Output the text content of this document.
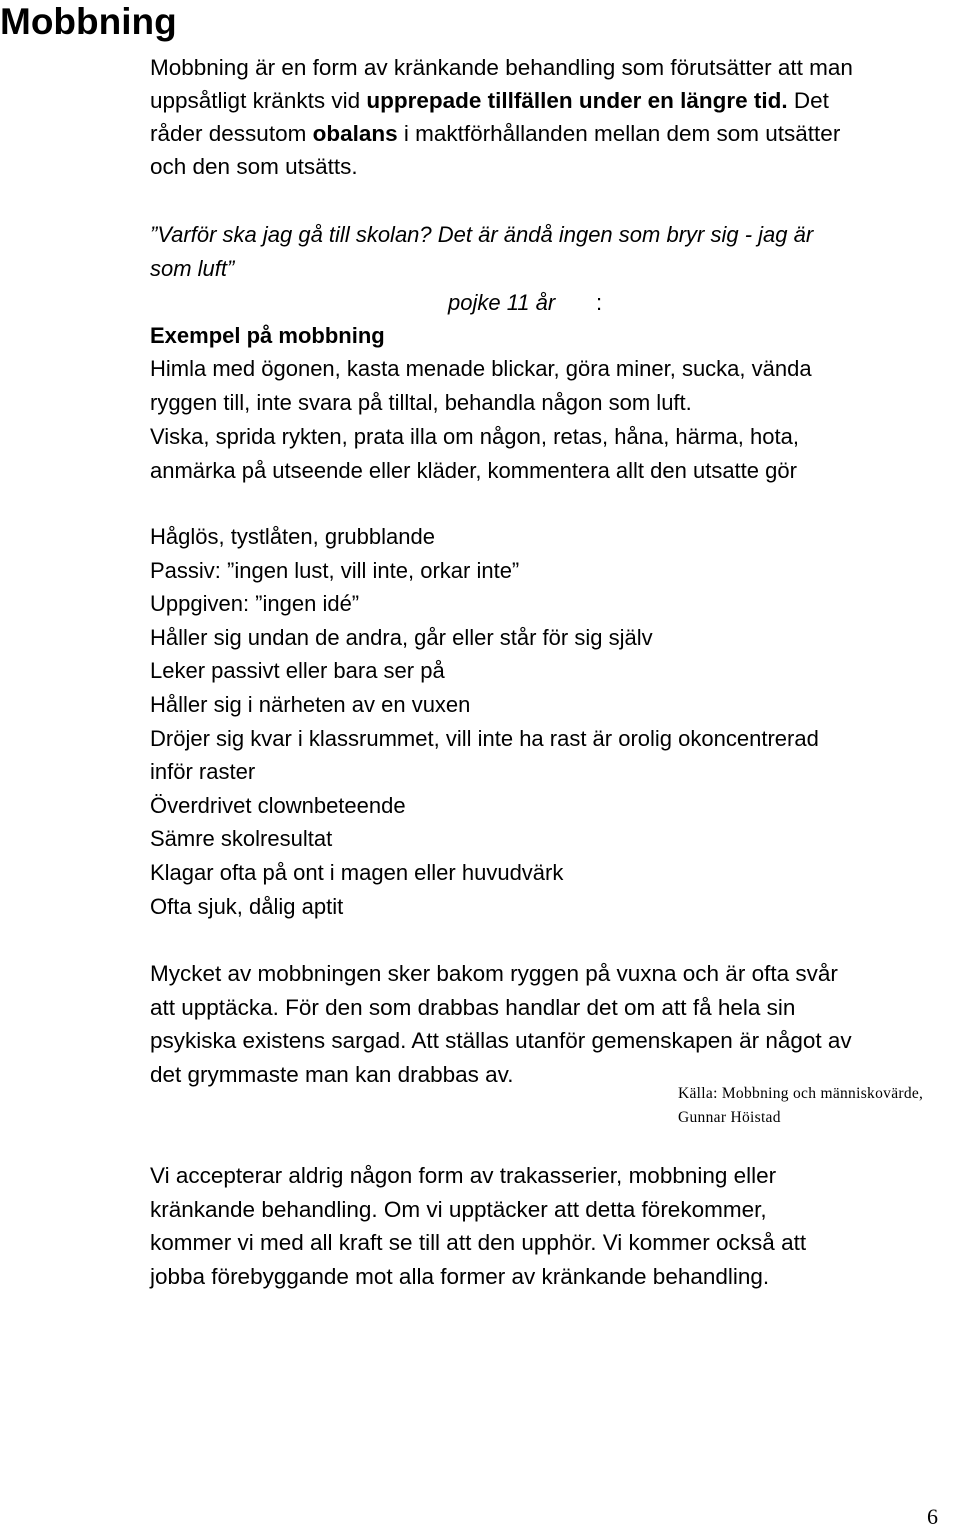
Mobbning
Mobbning är en form av kränkande behandling som förutsätter att man
uppsåtligt kränkts vid upprepade tillfällen under en längre tid. Det
råder dessutom obalans i maktförhållanden mellan dem som utsätter
och den som utsätts.
”Varför ska jag gå till skolan? Det är ändå ingen som bryr sig - jag är
som luft”
pojke 11 år :
Exempel på mobbning
Himla med ögonen, kasta menade blickar, göra miner, sucka, vända
ryggen till, inte svara på tilltal, behandla någon som luft.
Viska, sprida rykten, prata illa om någon, retas, håna, härma, hota,
anmärka på utseende eller kläder, kommentera allt den utsatte gör
Håglös, tystlåten, grubblande
Passiv: ”ingen lust, vill inte, orkar inte”
Uppgiven: ”ingen idé”
Håller sig undan de andra, går eller står för sig själv
Leker passivt eller bara ser på
Håller sig i närheten av en vuxen
Dröjer sig kvar i klassrummet, vill inte ha rast är orolig okoncentrerad
inför raster
Överdrivet clownbeteende
Sämre skolresultat
Klagar ofta på ont i magen eller huvudvärk
Ofta sjuk, dålig aptit
Mycket av mobbningen sker bakom ryggen på vuxna och är ofta svår
att upptäcka. För den som drabbas handlar det om att få hela sin
psykiska existens sargad. Att ställas utanför gemenskapen är något av
det grymmaste man kan drabbas av.
Vi accepterar aldrig någon form av trakasserier, mobbning eller
kränkande behandling. Om vi upptäcker att detta förekommer,
kommer vi med all kraft se till att den upphör. Vi kommer också att
jobba förebyggande mot alla former av kränkande behandling.
Källa: Mobbning och människovärde,
Gunnar Höistad
6
